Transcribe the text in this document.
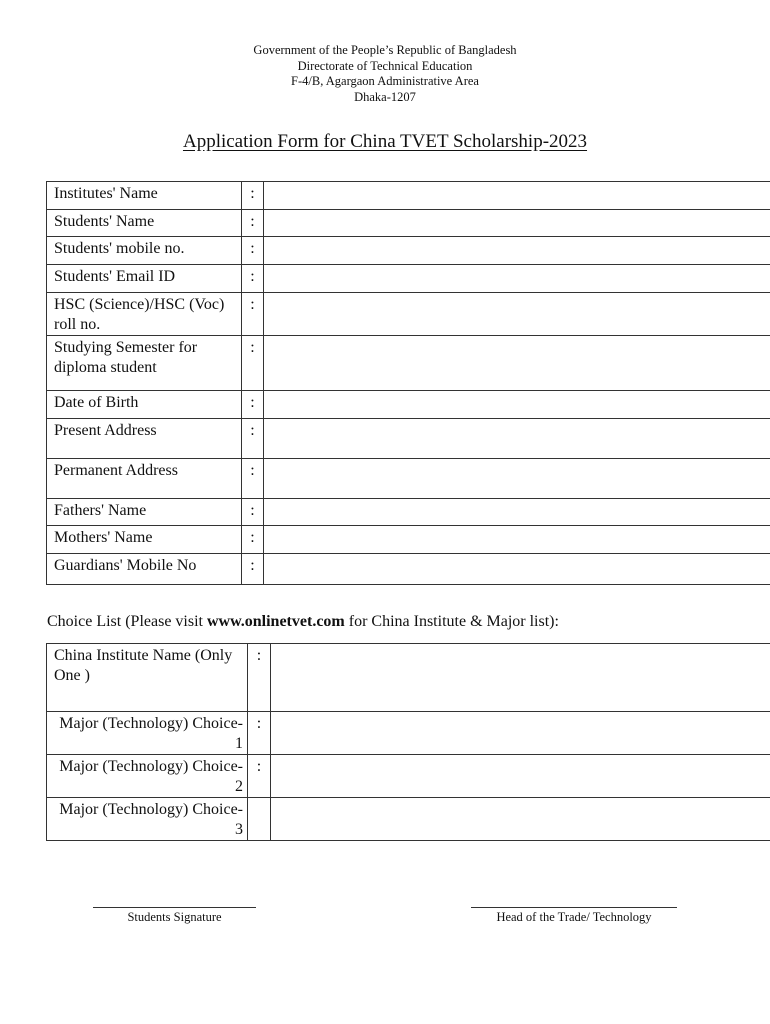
Government of the People’s Republic of Bangladesh
Directorate of Technical Education
F-4/B, Agargaon Administrative Area
Dhaka-1207
Application Form for China TVET Scholarship-2023
Institutes' Name	:	
Students' Name	:	
Students' mobile no.	:	
Students' Email ID	:	
HSC (Science)/HSC (Voc) roll no.	:	
Studying Semester for diploma student	:	
Date of Birth	:	
Present Address	:	
Permanent Address	:	
Fathers' Name	:	
Mothers' Name	:	
Guardians' Mobile No	:	
Choice List (Please visit www.onlinetvet.com for China Institute & Major list):
China Institute Name (Only One )	:	
Major (Technology) Choice-1	:	
Major (Technology) Choice-2	:	
Major (Technology) Choice-3		
Students Signature	Head of the Trade/ Technology
